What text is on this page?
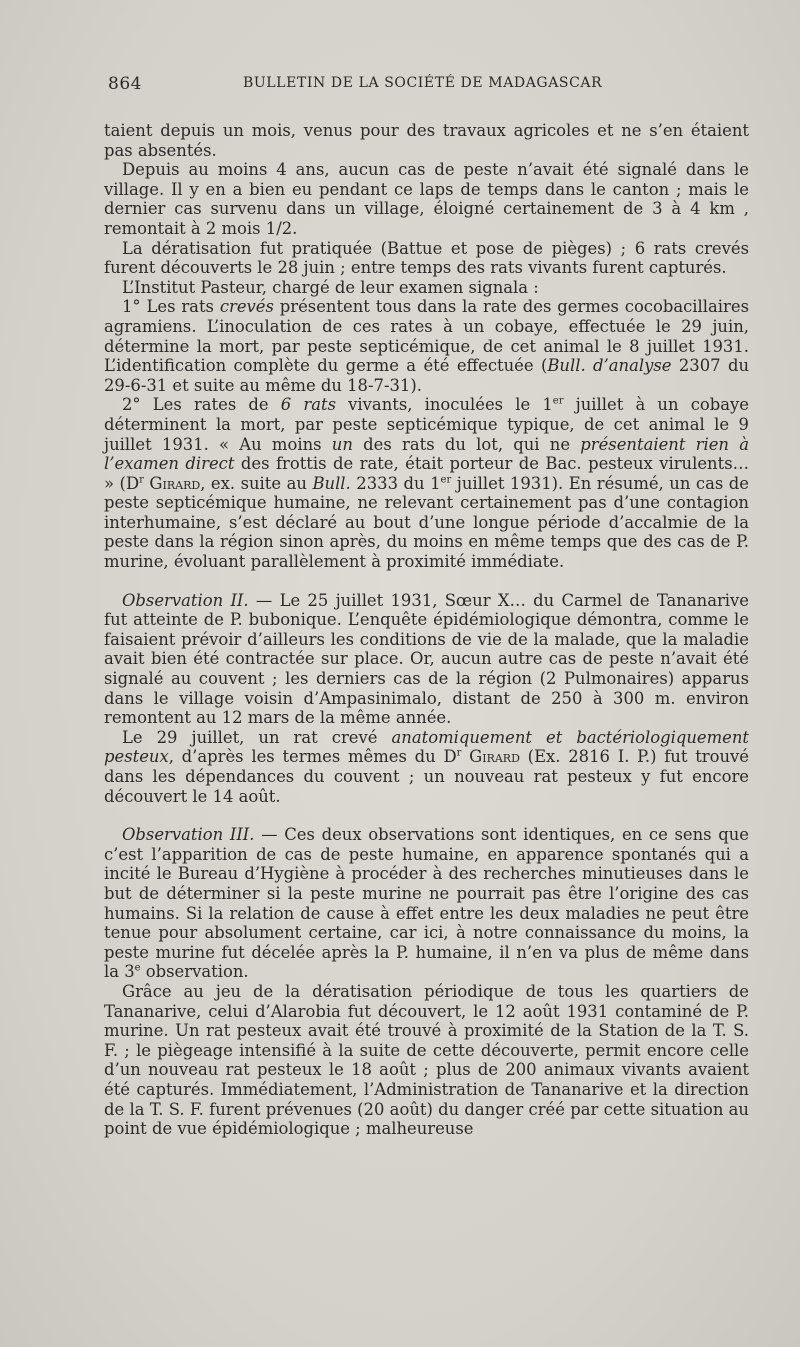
864	BULLETIN DE LA SOCIÉTÉ DE MADAGASCAR

taient depuis un mois, venus pour des travaux agricoles et ne s’en étaient pas absentés.

Depuis au moins 4 ans, aucun cas de peste n’avait été signalé dans le village. Il y en a bien eu pendant ce laps de temps dans le canton ; mais le dernier cas survenu dans un village, éloigné certainement de 3 à 4 km , remontait à 2 mois 1/2.

La dératisation fut pratiquée (Battue et pose de pièges) ; 6 rats crevés furent découverts le 28 juin ; entre temps des rats vivants furent capturés.

L’Institut Pasteur, chargé de leur examen signala :

1° Les rats crevés présentent tous dans la rate des germes cocobacillaires agramiens. L’inoculation de ces rates à un cobaye, effectuée le 29 juin, détermine la mort, par peste septicémique, de cet animal le 8 juillet 1931. L’identification complète du germe a été effectuée (Bull. d’analyse 2307 du 29-6-31 et suite au même du 18-7-31).

2° Les rates de 6 rats vivants, inoculées le 1er juillet à un cobaye déterminent la mort, par peste septicémique typique, de cet animal le 9 juillet 1931. « Au moins un des rats du lot, qui ne présentaient rien à l’examen direct des frottis de rate, était porteur de Bac. pesteux virulents… » ($D^r$ Girard, ex. suite au Bull. 2333 du 1er juillet 1931). En résumé, un cas de peste septicémique humaine, ne relevant certainement pas d’une contagion interhumaine, s’est déclaré au bout d’une longue période d’accalmie de la peste dans la région sinon après, du moins en même temps que des cas de P. murine, évoluant parallèlement à proximité immédiate.

Observation II. — Le 25 juillet 1931, Sœur X… du Carmel de Tananarive fut atteinte de P. bubonique. L’enquête épidémiologique démontra, comme le faisaient prévoir d’ailleurs les conditions de vie de la malade, que la maladie avait bien été contractée sur place. Or, aucun autre cas de peste n’avait été signalé au couvent ; les derniers cas de la région (2 Pulmonaires) apparus dans le village voisin d’Ampasinimalo, distant de 250 à 300 m. environ remontent au 12 mars de la même année.

Le 29 juillet, un rat crevé anatomiquement et bactériologiquement pesteux, d’après les termes mêmes du $D^r$ Girard (Ex. 2816 I. P.) fut trouvé dans les dépendances du couvent ; un nouveau rat pesteux y fut encore découvert le 14 août.

Observation III. — Ces deux observations sont identiques, en ce sens que c’est l’apparition de cas de peste humaine, en apparence spontanés qui a incité le Bureau d’Hygiène à procéder à des recherches minutieuses dans le but de déterminer si la peste murine ne pourrait pas être l’origine des cas humains. Si la relation de cause à effet entre les deux maladies ne peut être tenue pour absolument certaine, car ici, à notre connaissance du moins, la peste murine fut décelée après la P. humaine, il n’en va plus de même dans la 3e observation.

Grâce au jeu de la dératisation périodique de tous les quartiers de Tananarive, celui d’Alarobia fut découvert, le 12 août 1931 contaminé de P. murine. Un rat pesteux avait été trouvé à proximité de la Station de la T. S. F. ; le piègeage intensifié à la suite de cette découverte, permit encore celle d’un nouveau rat pesteux le 18 août ; plus de 200 animaux vivants avaient été capturés. Immédiatement, l’Administration de Tananarive et la direction de la T. S. F. furent prévenues (20 août) du danger créé par cette situation au point de vue épidémiologique ; malheureuse
